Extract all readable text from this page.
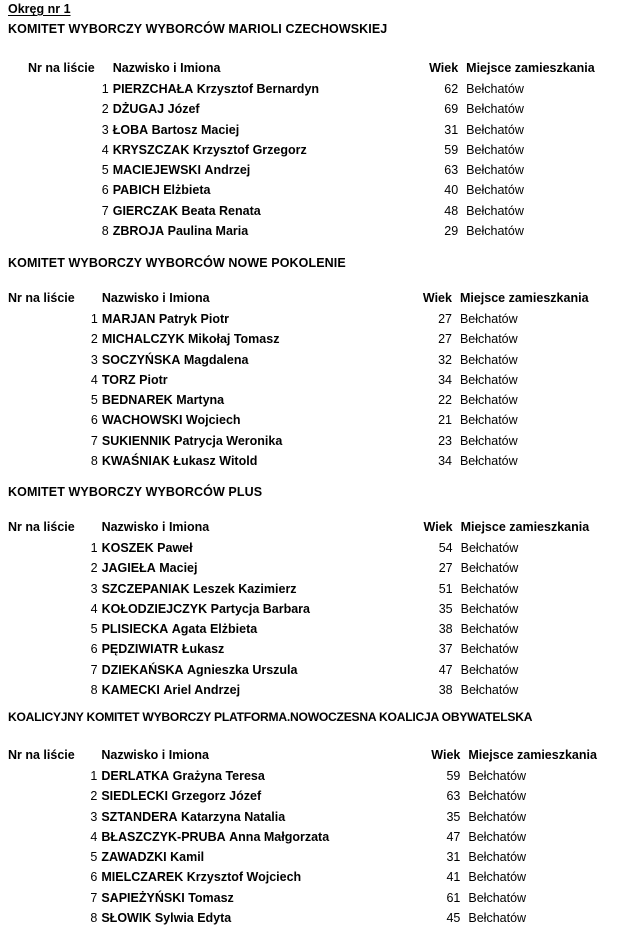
Okręg nr 1
KOMITET WYBORCZY WYBORCÓW MARIOLI CZECHOWSKIEJ
Nr na liście	Nazwisko i Imiona	Wiek	Miejsce zamieszkania
1	PIERZCHAŁA Krzysztof Bernardyn	62	Bełchatów
2	DŻUGAJ Józef	69	Bełchatów
3	ŁOBA Bartosz Maciej	31	Bełchatów
4	KRYSZCZAK Krzysztof Grzegorz	59	Bełchatów
5	MACIEJEWSKI Andrzej	63	Bełchatów
6	PABICH Elżbieta	40	Bełchatów
7	GIERCZAK Beata Renata	48	Bełchatów
8	ZBROJA Paulina Maria	29	Bełchatów
KOMITET WYBORCZY WYBORCÓW NOWE POKOLENIE
Nr na liście	Nazwisko i Imiona	Wiek	Miejsce zamieszkania
1	MARJAN Patryk Piotr	27	Bełchatów
2	MICHALCZYK Mikołaj Tomasz	27	Bełchatów
3	SOCZYŃSKA Magdalena	32	Bełchatów
4	TORZ Piotr	34	Bełchatów
5	BEDNAREK Martyna	22	Bełchatów
6	WACHOWSKI Wojciech	21	Bełchatów
7	SUKIENNIK Patrycja Weronika	23	Bełchatów
8	KWAŚNIAK Łukasz Witold	34	Bełchatów
KOMITET WYBORCZY WYBORCÓW PLUS
Nr na liście	Nazwisko i Imiona	Wiek	Miejsce zamieszkania
1	KOSZEK Paweł	54	Bełchatów
2	JAGIEŁA Maciej	27	Bełchatów
3	SZCZEPANIAK Leszek Kazimierz	51	Bełchatów
4	KOŁODZIEJCZYK Partycja Barbara	35	Bełchatów
5	PLISIECKA Agata Elżbieta	38	Bełchatów
6	PĘDZIWIATR Łukasz	37	Bełchatów
7	DZIEKAŃSKA Agnieszka Urszula	47	Bełchatów
8	KAMECKI Ariel Andrzej	38	Bełchatów
KOALICYJNY KOMITET WYBORCZY PLATFORMA.NOWOCZESNA KOALICJA OBYWATELSKA
Nr na liście	Nazwisko i Imiona	Wiek	Miejsce zamieszkania
1	DERLATKA Grażyna Teresa	59	Bełchatów
2	SIEDLECKI Grzegorz Józef	63	Bełchatów
3	SZTANDERA Katarzyna Natalia	35	Bełchatów
4	BŁASZCZYK-PRUBA Anna Małgorzata	47	Bełchatów
5	ZAWADZKI Kamil	31	Bełchatów
6	MIELCZAREK Krzysztof Wojciech	41	Bełchatów
7	SAPIEŻYŃSKI Tomasz	61	Bełchatów
8	SŁOWIK Sylwia Edyta	45	Bełchatów
